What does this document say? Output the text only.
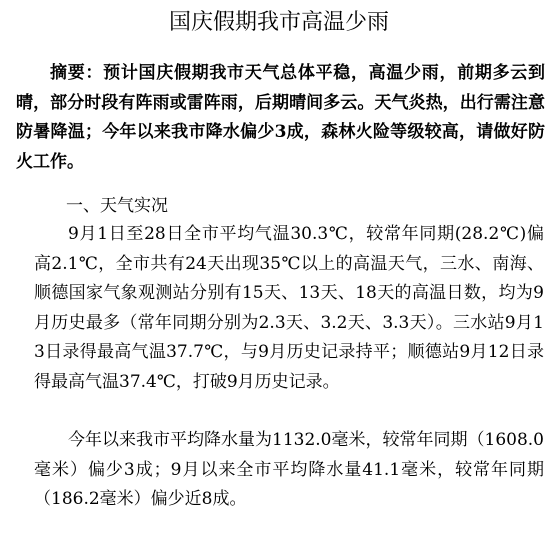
国庆假期我市高温少雨
摘要：预计国庆假期我市天气总体平稳，高温少雨，前期多云到晴，部分时段有阵雨或雷阵雨，后期晴间多云。天气炎热，出行需注意防暑降温；今年以来我市降水偏少3成，森林火险等级较高，请做好防火工作。
一、天气实况
9月1日至28日全市平均气温30.3℃，较常年同期(28.2℃)偏高2.1℃，全市共有24天出现35℃以上的高温天气，三水、南海、顺德国家气象观测站分别有15天、13天、18天的高温日数，均为9月历史最多（常年同期分别为2.3天、3.2天、3.3天）。三水站9月13日录得最高气温37.7℃，与9月历史记录持平；顺德站9月12日录得最高气温37.4℃，打破9月历史记录。
今年以来我市平均降水量为1132.0毫米，较常年同期（1608.0毫米）偏少3成；9月以来全市平均降水量41.1毫米，较常年同期（186.2毫米）偏少近8成。
